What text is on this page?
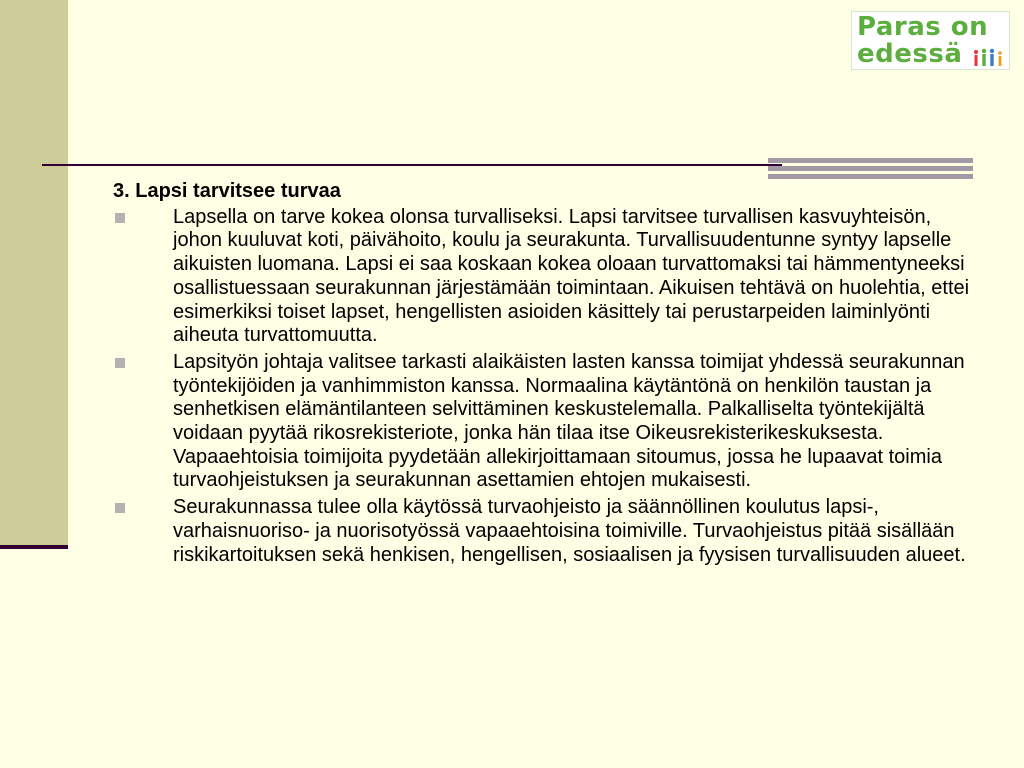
Paras on
edessä
3. Lapsi tarvitsee turvaa
Lapsella on tarve kokea olonsa turvalliseksi. Lapsi tarvitsee turvallisen kasvuyhteisön, johon kuuluvat koti, päivähoito, koulu ja seurakunta. Turvallisuudentunne syntyy lapselle aikuisten luomana. Lapsi ei saa koskaan kokea oloaan turvattomaksi tai hämmentyneeksi osallistuessaan seurakunnan järjestämään toimintaan. Aikuisen tehtävä on huolehtia, ettei esimerkiksi toiset lapset, hengellisten asioiden käsittely tai perustarpeiden laiminlyönti aiheuta turvattomuutta.
Lapsityön johtaja valitsee tarkasti alaikäisten lasten kanssa toimijat yhdessä seurakunnan työntekijöiden ja vanhimmiston kanssa. Normaalina käytäntönä on henkilön taustan ja senhetkisen elämäntilanteen selvittäminen keskustelemalla. Palkalliselta työntekijältä voidaan pyytää rikosrekisteriote, jonka hän tilaa itse Oikeusrekisterikeskuksesta. Vapaaehtoisia toimijoita pyydetään allekirjoittamaan sitoumus, jossa he lupaavat toimia turvaohjeistuksen ja seurakunnan asettamien ehtojen mukaisesti.
Seurakunnassa tulee olla käytössä turvaohjeisto ja säännöllinen koulutus lapsi-, varhaisnuoriso- ja nuorisotyössä vapaaehtoisina toimiville. Turvaohjeistus pitää sisällään riskikartoituksen sekä henkisen, hengellisen, sosiaalisen ja fyysisen turvallisuuden alueet.
